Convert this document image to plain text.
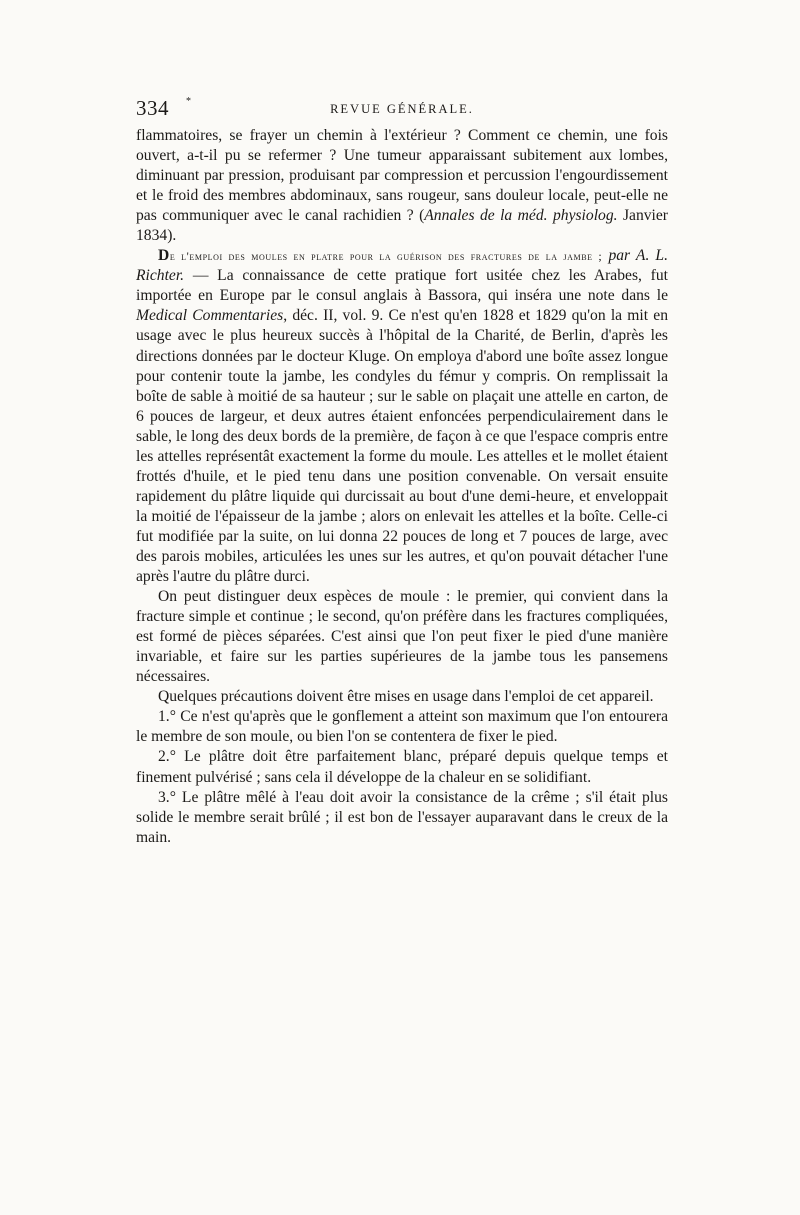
334 *
REVUE GÉNÉRALE.

flammatoires, se frayer un chemin à l'extérieur ? Comment ce chemin, une fois ouvert, a-t-il pu se refermer ? Une tumeur apparaissant subitement aux lombes, diminuant par pression, produisant par compression et percussion l'engourdissement et le froid des membres abdominaux, sans rougeur, sans douleur locale, peut-elle ne pas communiquer avec le canal rachidien ? (Annales de la méd. physiolog. Janvier 1834).

De l'emploi des moules en platre pour la guérison des fractures de la jambe ; par A. L. Richter. — La connaissance de cette pratique fort usitée chez les Arabes, fut importée en Europe par le consul anglais à Bassora, qui inséra une note dans le Medical Commentaries, déc. II, vol. 9. Ce n'est qu'en 1828 et 1829 qu'on la mit en usage avec le plus heureux succès à l'hôpital de la Charité, de Berlin, d'après les directions données par le docteur Kluge. On employa d'abord une boîte assez longue pour contenir toute la jambe, les condyles du fémur y compris. On remplissait la boîte de sable à moitié de sa hauteur ; sur le sable on plaçait une attelle en carton, de 6 pouces de largeur, et deux autres étaient enfoncées perpendiculairement dans le sable, le long des deux bords de la première, de façon à ce que l'espace compris entre les attelles représentât exactement la forme du moule. Les attelles et le mollet étaient frottés d'huile, et le pied tenu dans une position convenable. On versait ensuite rapidement du plâtre liquide qui durcissait au bout d'une demi-heure, et enveloppait la moitié de l'épaisseur de la jambe ; alors on enlevait les attelles et la boîte. Celle-ci fut modifiée par la suite, on lui donna 22 pouces de long et 7 pouces de large, avec des parois mobiles, articulées les unes sur les autres, et qu'on pouvait détacher l'une après l'autre du plâtre durci.

On peut distinguer deux espèces de moule : le premier, qui convient dans la fracture simple et continue ; le second, qu'on préfère dans les fractures compliquées, est formé de pièces séparées. C'est ainsi que l'on peut fixer le pied d'une manière invariable, et faire sur les parties supérieures de la jambe tous les pansemens nécessaires.

Quelques précautions doivent être mises en usage dans l'emploi de cet appareil.

1.° Ce n'est qu'après que le gonflement a atteint son maximum que l'on entourera le membre de son moule, ou bien l'on se contentera de fixer le pied.

2.° Le plâtre doit être parfaitement blanc, préparé depuis quelque temps et finement pulvérisé ; sans cela il développe de la chaleur en se solidifiant.

3.° Le plâtre mêlé à l'eau doit avoir la consistance de la crême ; s'il était plus solide le membre serait brûlé ; il est bon de l'essayer auparavant dans le creux de la main.
